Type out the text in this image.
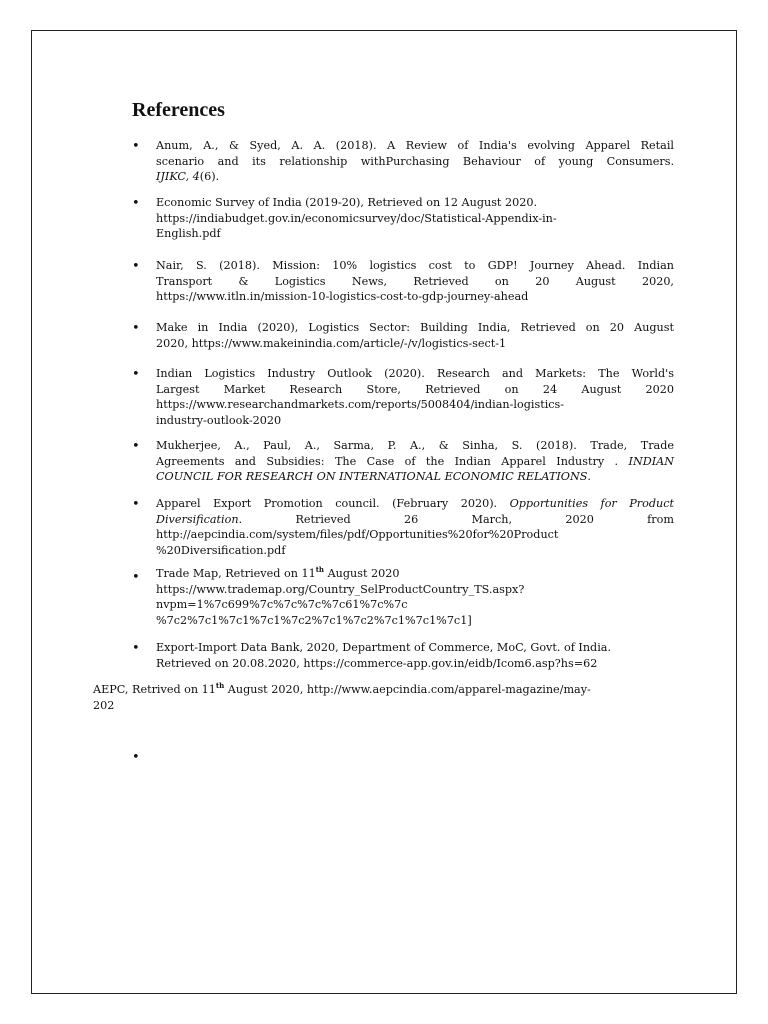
References
• Anum, A., & Syed, A. A. (2018). A Review of India's evolving Apparel Retail
scenario and its relationship withPurchasing Behaviour of young Consumers.
IJIKC, 4(6).

• Economic Survey of India (2019-20), Retrieved on 12 August 2020.
https://indiabudget.gov.in/economicsurvey/doc/Statistical-Appendix-in-
English.pdf

• Nair, S. (2018). Mission: 10% logistics cost to GDP! Journey Ahead. Indian
Transport & Logistics News, Retrieved on 20 August 2020,
https://www.itln.in/mission-10-logistics-cost-to-gdp-journey-ahead

• Make in India (2020), Logistics Sector: Building India, Retrieved on 20 August
2020, https://www.makeinindia.com/article/-/v/logistics-sect-1

• Indian Logistics Industry Outlook (2020). Research and Markets: The World's
Largest Market Research Store, Retrieved on 24 August 2020
https://www.researchandmarkets.com/reports/5008404/indian-logistics-
industry-outlook-2020

• Mukherjee, A., Paul, A., Sarma, P. A., & Sinha, S. (2018). Trade, Trade
Agreements and Subsidies: The Case of the Indian Apparel Industry . INDIAN
COUNCIL FOR RESEARCH ON INTERNATIONAL ECONOMIC RELATIONS.

• Apparel Export Promotion council. (February 2020). Opportunities for Product
Diversification.	Retrieved 26 March, 2020 from
http://aepcindia.com/system/files/pdf/Opportunities%20for%20Product
%20Diversification.pdf

• Trade Map, Retrieved on 11th August 2020
https://www.trademap.org/Country_SelProductCountry_TS.aspx?
nvpm=1%7c699%7c%7c%7c%7c61%7c%7c
%7c2%7c1%7c1%7c1%7c2%7c1%7c2%7c1%7c1%7c1]

• Export-Import Data Bank, 2020, Department of Commerce, MoC, Govt. of India.
Retrieved on 20.08.2020, https://commerce-app.gov.in/eidb/Icom6.asp?hs=62

AEPC, Retrived on 11th August 2020, http://www.aepcindia.com/apparel-magazine/may-
202

•
